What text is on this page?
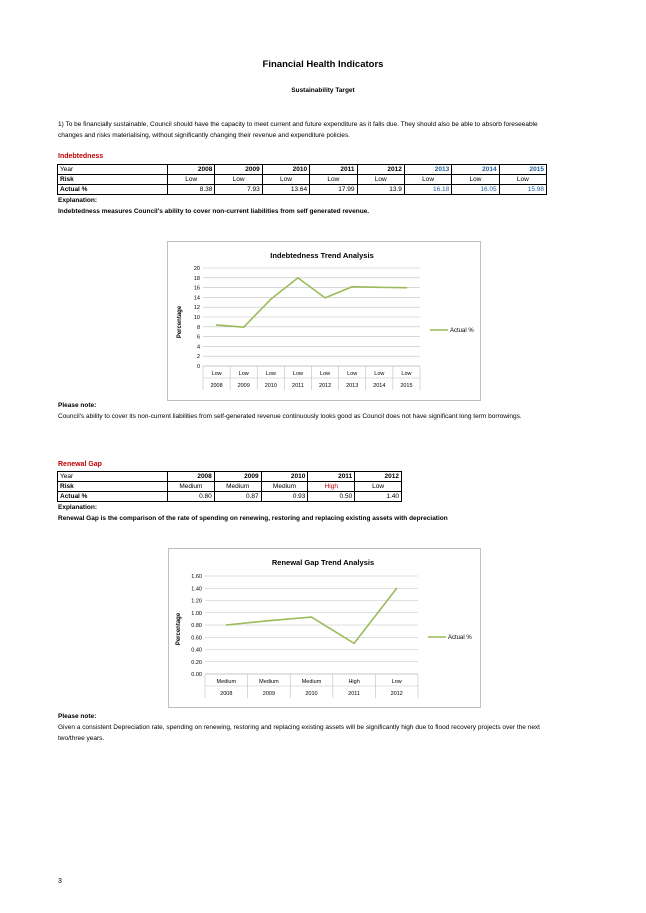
Financial Health Indicators
Sustainability Target
1) To be financially sustainable, Council should have the capacity to meet current and future expenditure as it falls due. They should also be able to absorb foreseeable changes and risks materialising, without significantly changing their revenue and expenditure policies.
Indebtedness
Year	2008	2009	2010	2011	2012	2013	2014	2015
Risk	Low	Low	Low	Low	Low	Low	Low	Low
Actual %	8.38	7.93	13.64	17.99	13.9	16.18	16.05	15.98
Explanation:
Indebtedness measures Council's ability to cover non-current liabilities from self generated revenue.
Indebtedness Trend Analysis
Percentage	Actual %
0
2
4
6
8
10
12
14
16
18
20
Low
2008
Low
2009
Low
2010
Low
2011
Low
2012
Low
2013
Low
2014
Low
2015
Please note:
Council's ability to cover its non-current liabilities from self-generated revenue continuously looks good as Council does not have significant long term borrowings.
Renewal Gap
Year	2008	2009	2010	2011	2012
Risk	Medium	Medium	Medium	High	Low
Actual %	0.80	0.87	0.93	0.50	1.40
Explanation:
Renewal Gap is the comparison of the rate of spending on renewing, restoring and replacing existing assets with depreciation
Renewal Gap Trend Analysis
Percentage	Actual %
0.00
0.20
0.40
0.60
0.80
1.00
1.20
1.40
1.60
Medium
2008
Medium
2009
Medium
2010
High
2011
Low
2012
Please note:
Given a consistent Depreciation rate, spending on renewing, restoring and replacing existing assets will be significantly high due to flood recovery projects over the next two/three years.
3
